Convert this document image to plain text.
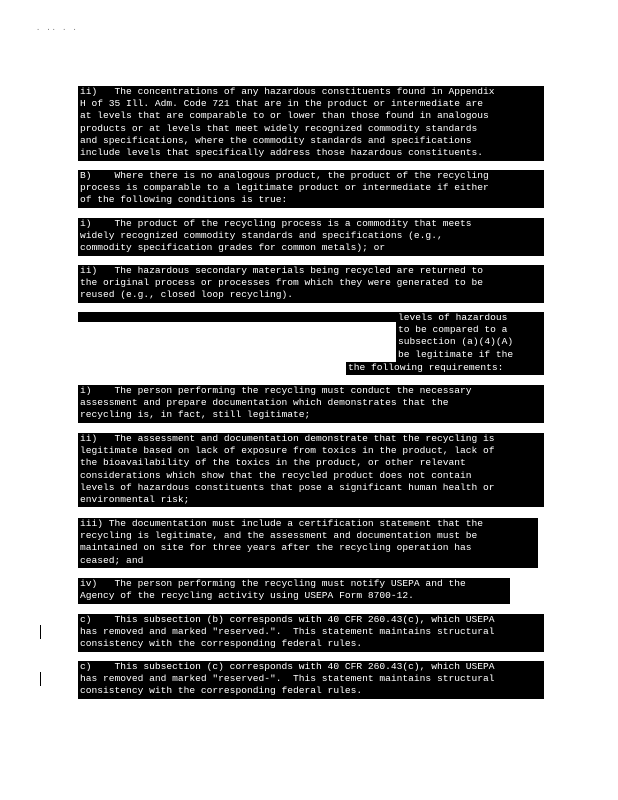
· ·· · ·
ii)   The concentrations of any hazardous constituents found in Appendix
H of 35 Ill. Adm. Code 721 that are in the product or intermediate are
at levels that are comparable to or lower than those found in analogous
products or at levels that meet widely recognized commodity standards
and specifications, where the commodity standards and specifications
include levels that specifically address those hazardous constituents.
B)    Where there is no analogous product, the product of the recycling
process is comparable to a legitimate product or intermediate if either
of the following conditions is true:
i)    The product of the recycling process is a commodity that meets
widely recognized commodity standards and specifications (e.g.,
commodity specification grades for common metals); or
ii)   The hazardous secondary materials being recycled are returned to
the original process or processes from which they were generated to be
reused (e.g., closed loop recycling).
levels of hazardous
to be compared to a
subsection (a)(4)(A)
be legitimate if the
the following requirements:
i)    The person performing the recycling must conduct the necessary
assessment and prepare documentation which demonstrates that the
recycling is, in fact, still legitimate;
ii)   The assessment and documentation demonstrate that the recycling is
legitimate based on lack of exposure from toxics in the product, lack of
the bioavailability of the toxics in the product, or other relevant
considerations which show that the recycled product does not contain
levels of hazardous constituents that pose a significant human health or
environmental risk;
iii) The documentation must include a certification statement that the
recycling is legitimate, and the assessment and documentation must be
maintained on site for three years after the recycling operation has
ceased; and
iv)   The person performing the recycling must notify USEPA and the
Agency of the recycling activity using USEPA Form 8700-12.
c)    This subsection (b) corresponds with 40 CFR 260.43(c), which USEPA
has removed and marked "reserved.".  This statement maintains structural
consistency with the corresponding federal rules.
c)    This subsection (c) corresponds with 40 CFR 260.43(c), which USEPA
has removed and marked "reserved-".  This statement maintains structural
consistency with the corresponding federal rules.
